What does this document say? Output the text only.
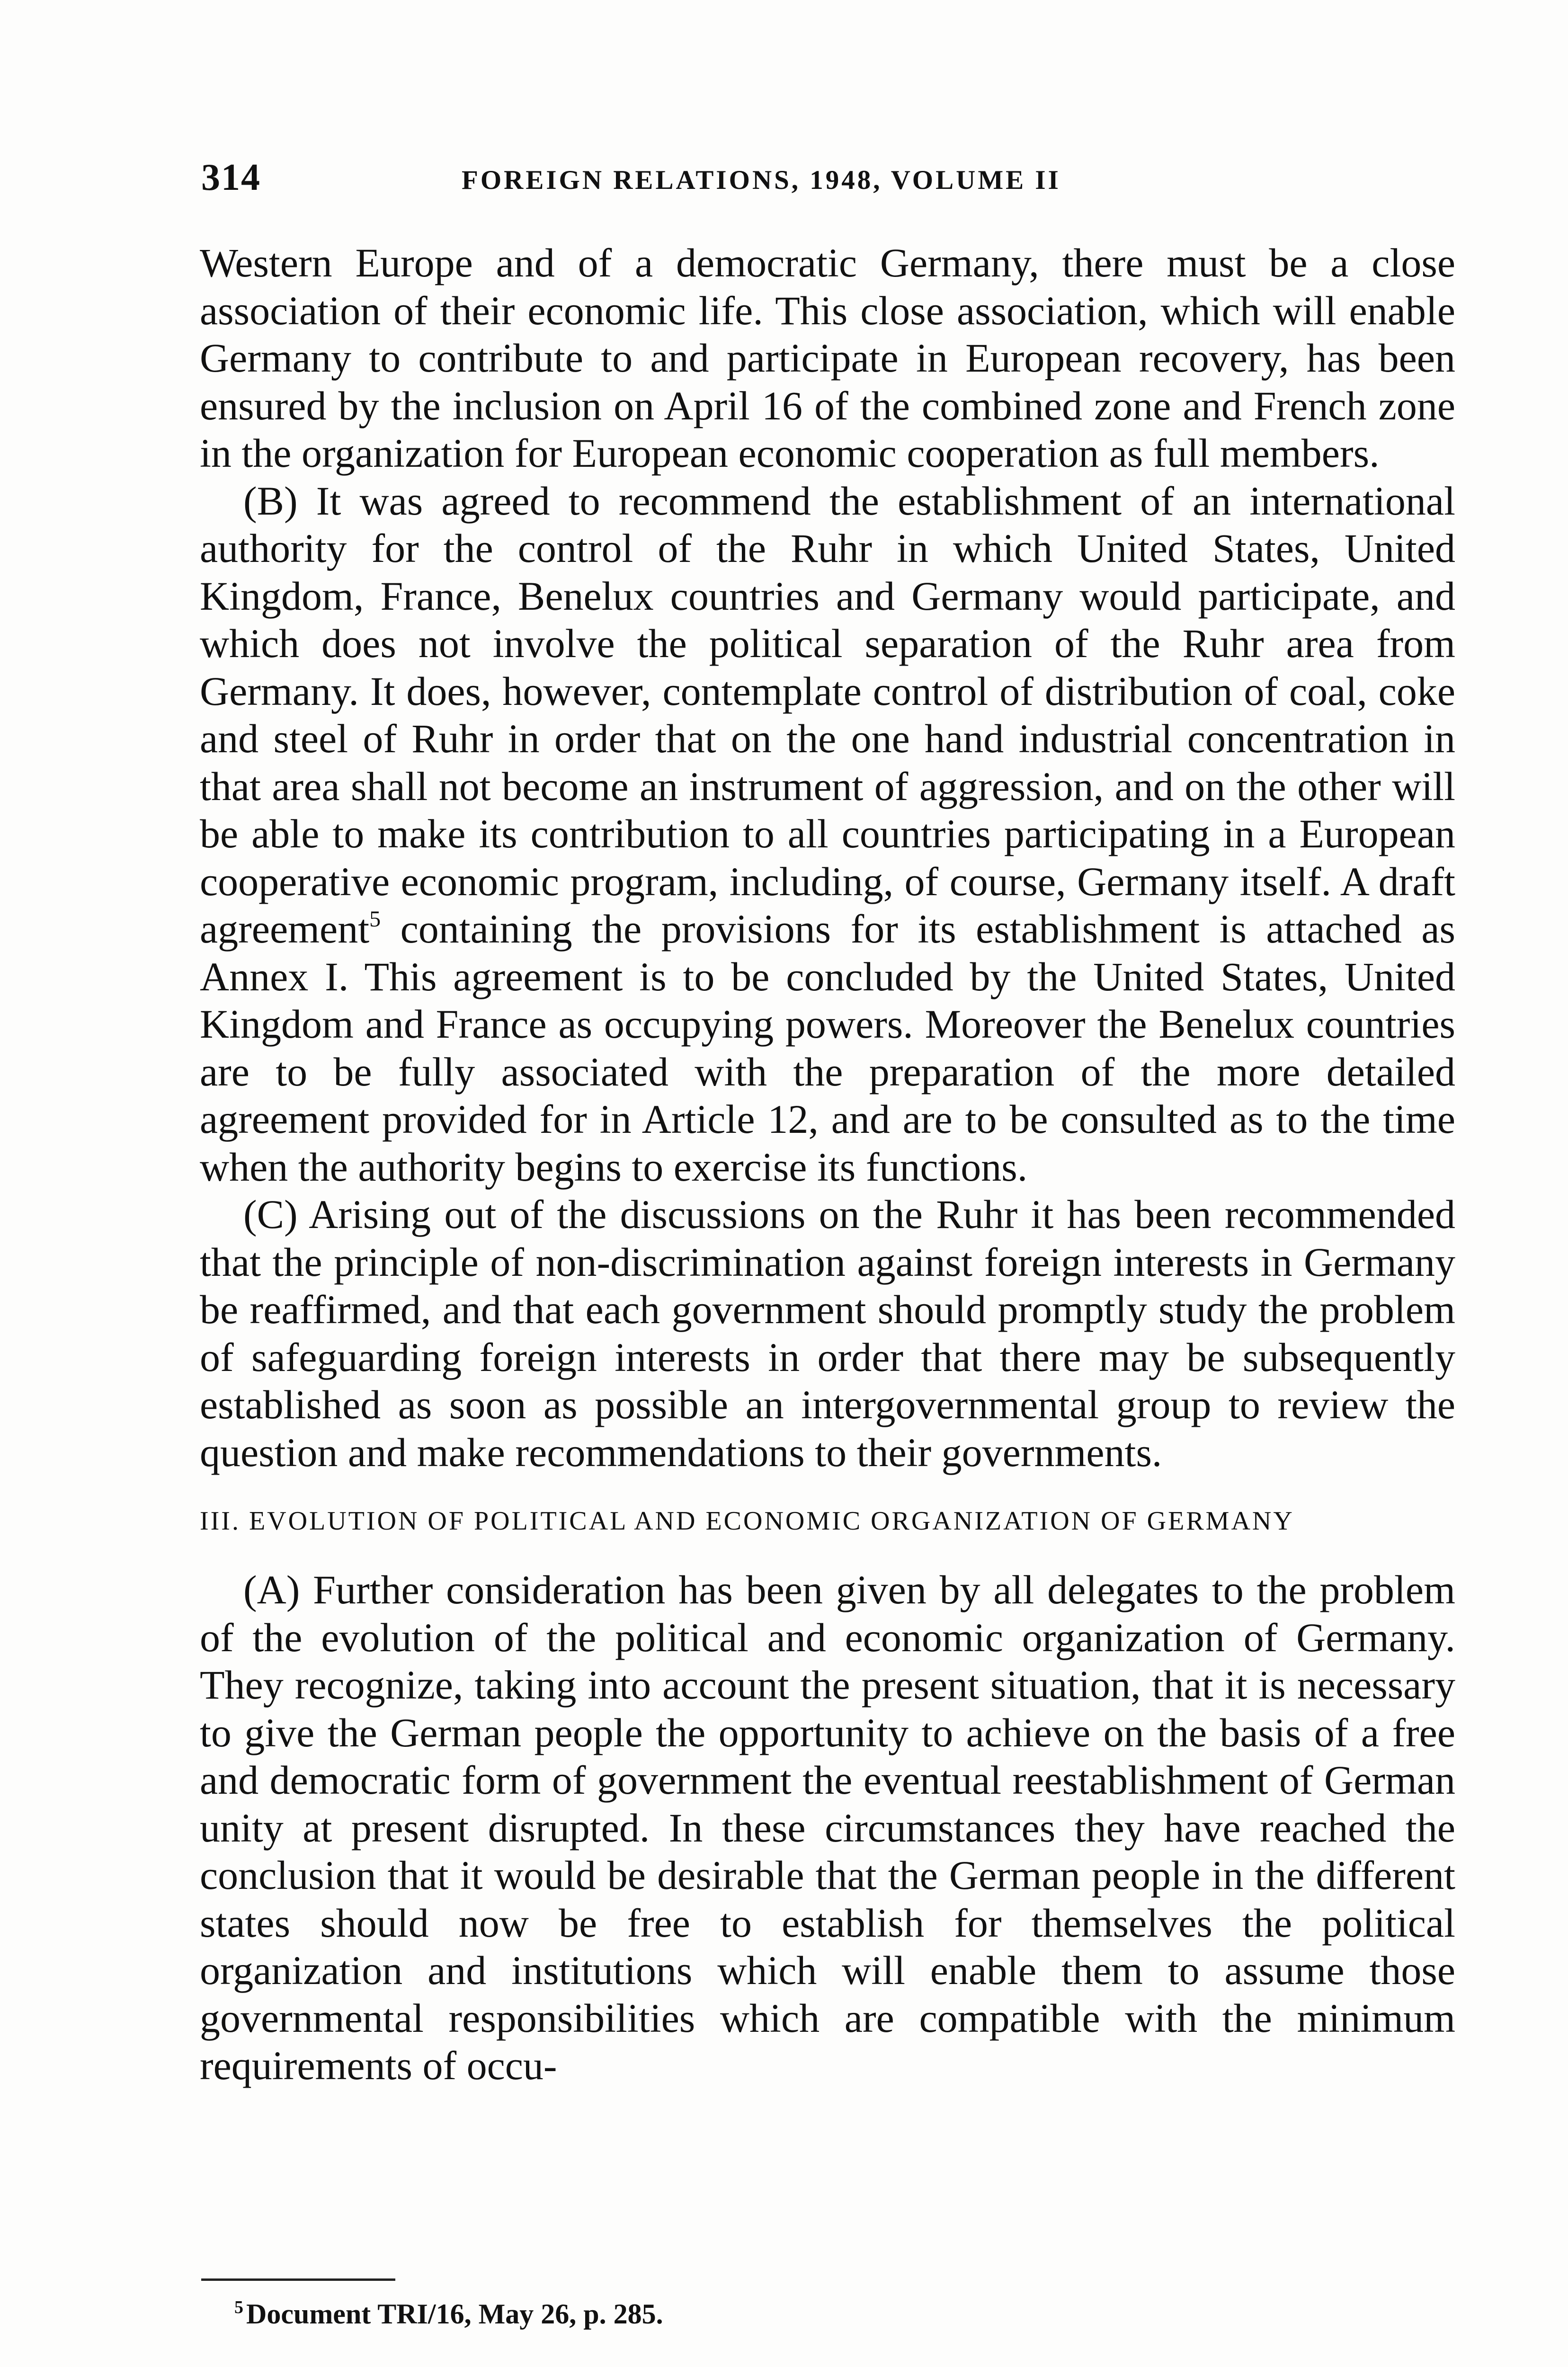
314	FOREIGN RELATIONS, 1948, VOLUME II

Western Europe and of a democratic Germany, there must be a close association of their economic life. This close association, which will enable Germany to contribute to and participate in European recovery, has been ensured by the inclusion on April 16 of the combined zone and French zone in the organization for European economic cooperation as full members.

(B) It was agreed to recommend the establishment of an international authority for the control of the Ruhr in which United States, United Kingdom, France, Benelux countries and Germany would participate, and which does not involve the political separation of the Ruhr area from Germany. It does, however, contemplate control of distribution of coal, coke and steel of Ruhr in order that on the one hand industrial concentration in that area shall not become an instrument of aggression, and on the other will be able to make its contribution to all countries participating in a European cooperative economic program, including, of course, Germany itself. A draft agreement$^5$ containing the provisions for its establishment is attached as Annex I. This agreement is to be concluded by the United States, United Kingdom and France as occupying powers. Moreover the Benelux countries are to be fully associated with the preparation of the more detailed agreement provided for in Article 12, and are to be consulted as to the time when the authority begins to exercise its functions.

(C) Arising out of the discussions on the Ruhr it has been recommended that the principle of non-discrimination against foreign interests in Germany be reaffirmed, and that each government should promptly study the problem of safeguarding foreign interests in order that there may be subsequently established as soon as possible an intergovernmental group to review the question and make recommendations to their governments.

III. EVOLUTION OF POLITICAL AND ECONOMIC ORGANIZATION OF GERMANY

(A) Further consideration has been given by all delegates to the problem of the evolution of the political and economic organization of Germany. They recognize, taking into account the present situation, that it is necessary to give the German people the opportunity to achieve on the basis of a free and democratic form of government the eventual reestablishment of German unity at present disrupted. In these circumstances they have reached the conclusion that it would be desirable that the German people in the different states should now be free to establish for themselves the political organization and institutions which will enable them to assume those governmental responsibilities which are compatible with the minimum requirements of occu-

$^5$ Document TRI/16, May 26, p. 285.
